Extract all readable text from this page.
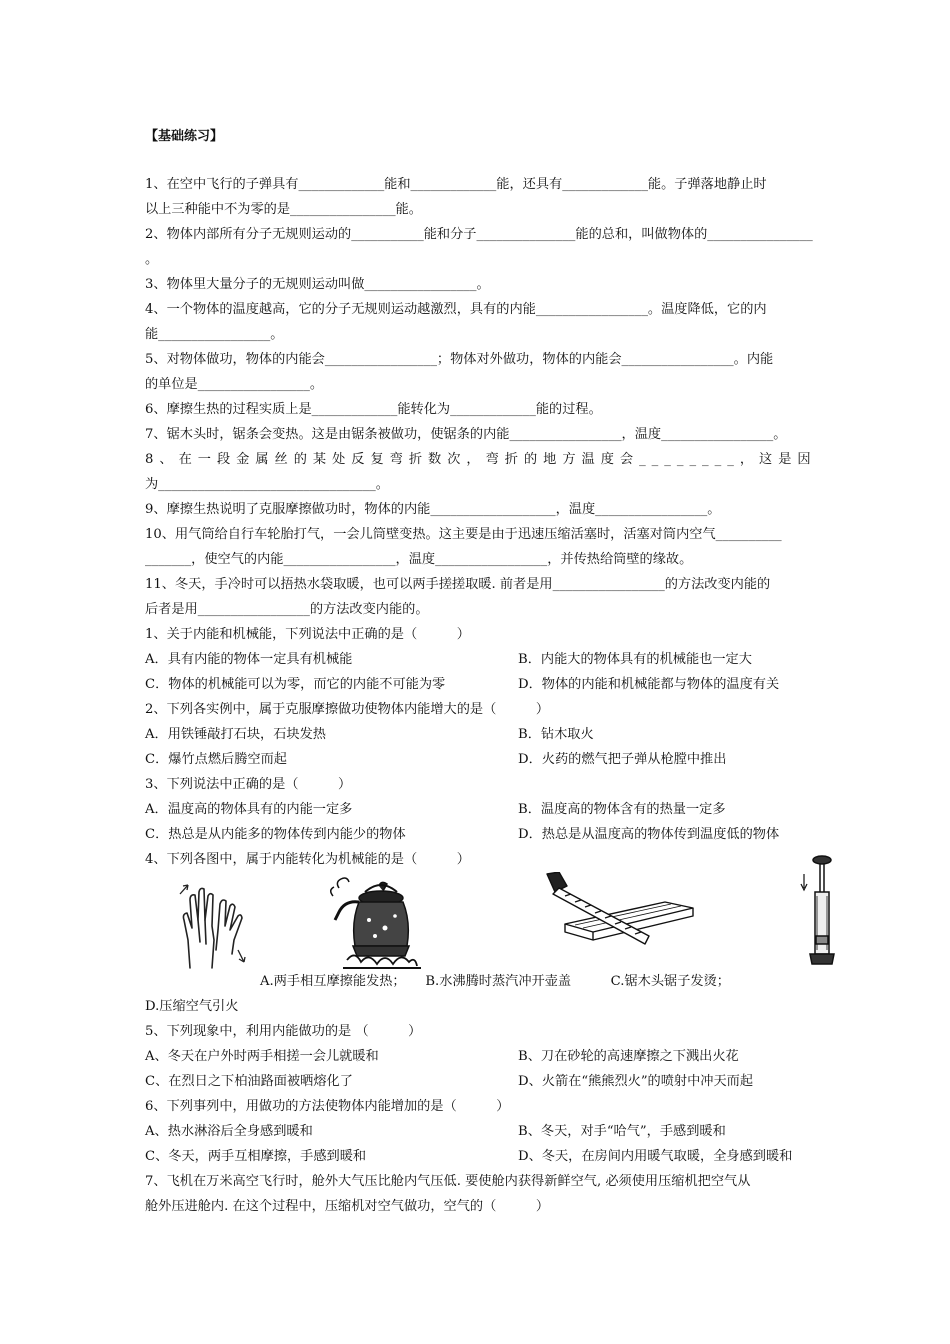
【基础练习】
1、在空中飞行的子弹具有_____________能和_____________能，还具有_____________能。子弹落地静止时
以上三种能中不为零的是________________能。
2、物体内部所有分子无规则运动的___________能和分子_______________能的总和，叫做物体的________________
。
3、物体里大量分子的无规则运动叫做_________________。
4、一个物体的温度越高，它的分子无规则运动越激烈，具有的内能_________________。温度降低，它的内
能_________________。
5、对物体做功，物体的内能会_________________；物体对外做功，物体的内能会_________________。内能
的单位是_________________。
6、摩擦生热的过程实质上是_____________能转化为_____________能的过程。
7、锯木头时，锯条会变热。这是由锯条被做功，使锯条的内能_________________，温度_________________。
8、在一段金属丝的某处反复弯折数次，弯折的地方温度会________，这是因
为_________________________________。
9、摩擦生热说明了克服摩擦做功时，物体的内能___________________，温度_________________。
10、用气筒给自行车轮胎打气，一会儿筒壁变热。这主要是由于迅速压缩活塞时，活塞对筒内空气__________
_______，使空气的内能_________________，温度_________________，并传热给筒壁的缘故。
11、冬天，手冷时可以捂热水袋取暖，也可以两手搓搓取暖. 前者是用_________________的方法改变内能的
后者是用_________________的方法改变内能的。
1、关于内能和机械能，下列说法中正确的是（　　　）
A．具有内能的物体一定具有机械能	B．内能大的物体具有的机械能也一定大
C．物体的机械能可以为零，而它的内能不可能为零	D．物体的内能和机械能都与物体的温度有关
2、下列各实例中，属于克服摩擦做功使物体内能增大的是（　　　）
A．用铁锤敲打石块，石块发热	B．钻木取火
C．爆竹点燃后腾空而起	D．火药的燃气把子弹从枪膛中推出
3、下列说法中正确的是（　　　）
A．温度高的物体具有的内能一定多	B．温度高的物体含有的热量一定多
C．热总是从内能多的物体传到内能少的物体	D．热总是从温度高的物体传到温度低的物体
4、下列各图中，属于内能转化为机械能的是（　　　）
A.两手相互摩擦能发热；　　B.水沸腾时蒸汽冲开壶盖　　　C.锯木头锯子发烫；
D.压缩空气引火
5、下列现象中，利用内能做功的是 （　　　）
A、冬天在户外时两手相搓一会儿就暖和	B、刀在砂轮的高速摩擦之下溅出火花
C、在烈日之下柏油路面被晒熔化了	D、火箭在“熊熊烈火”的喷射中冲天而起
6、下列事列中，用做功的方法使物体内能增加的是（　　　）
A、热水淋浴后全身感到暖和	B、冬天，对手“哈气”，手感到暖和
C、冬天，两手互相摩擦，手感到暖和	D、冬天，在房间内用暖气取暖，全身感到暖和
7、飞机在万米高空飞行时，舱外大气压比舱内气压低. 要使舱内获得新鲜空气, 必须使用压缩机把空气从
舱外压进舱内. 在这个过程中，压缩机对空气做功，空气的（　　　）
